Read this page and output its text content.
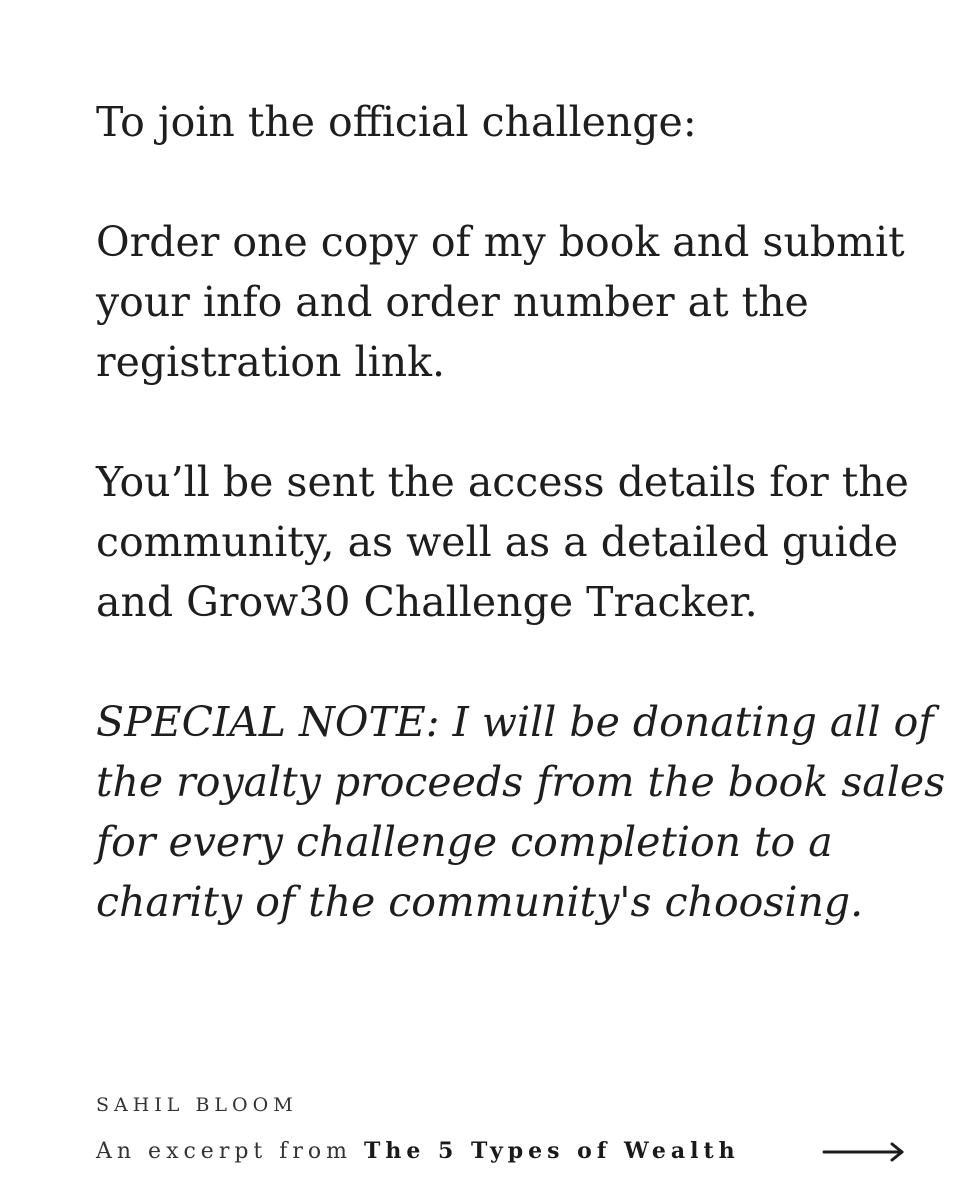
To join the official challenge:

Order one copy of my book and submit
your info and order number at the
registration link.

You’ll be sent the access details for the
community, as well as a detailed guide
and Grow30 Challenge Tracker.

SPECIAL NOTE: I will be donating all of
the royalty proceeds from the book sales
for every challenge completion to a
charity of the community's choosing.

SAHIL BLOOM
An excerpt from The 5 Types of Wealth
